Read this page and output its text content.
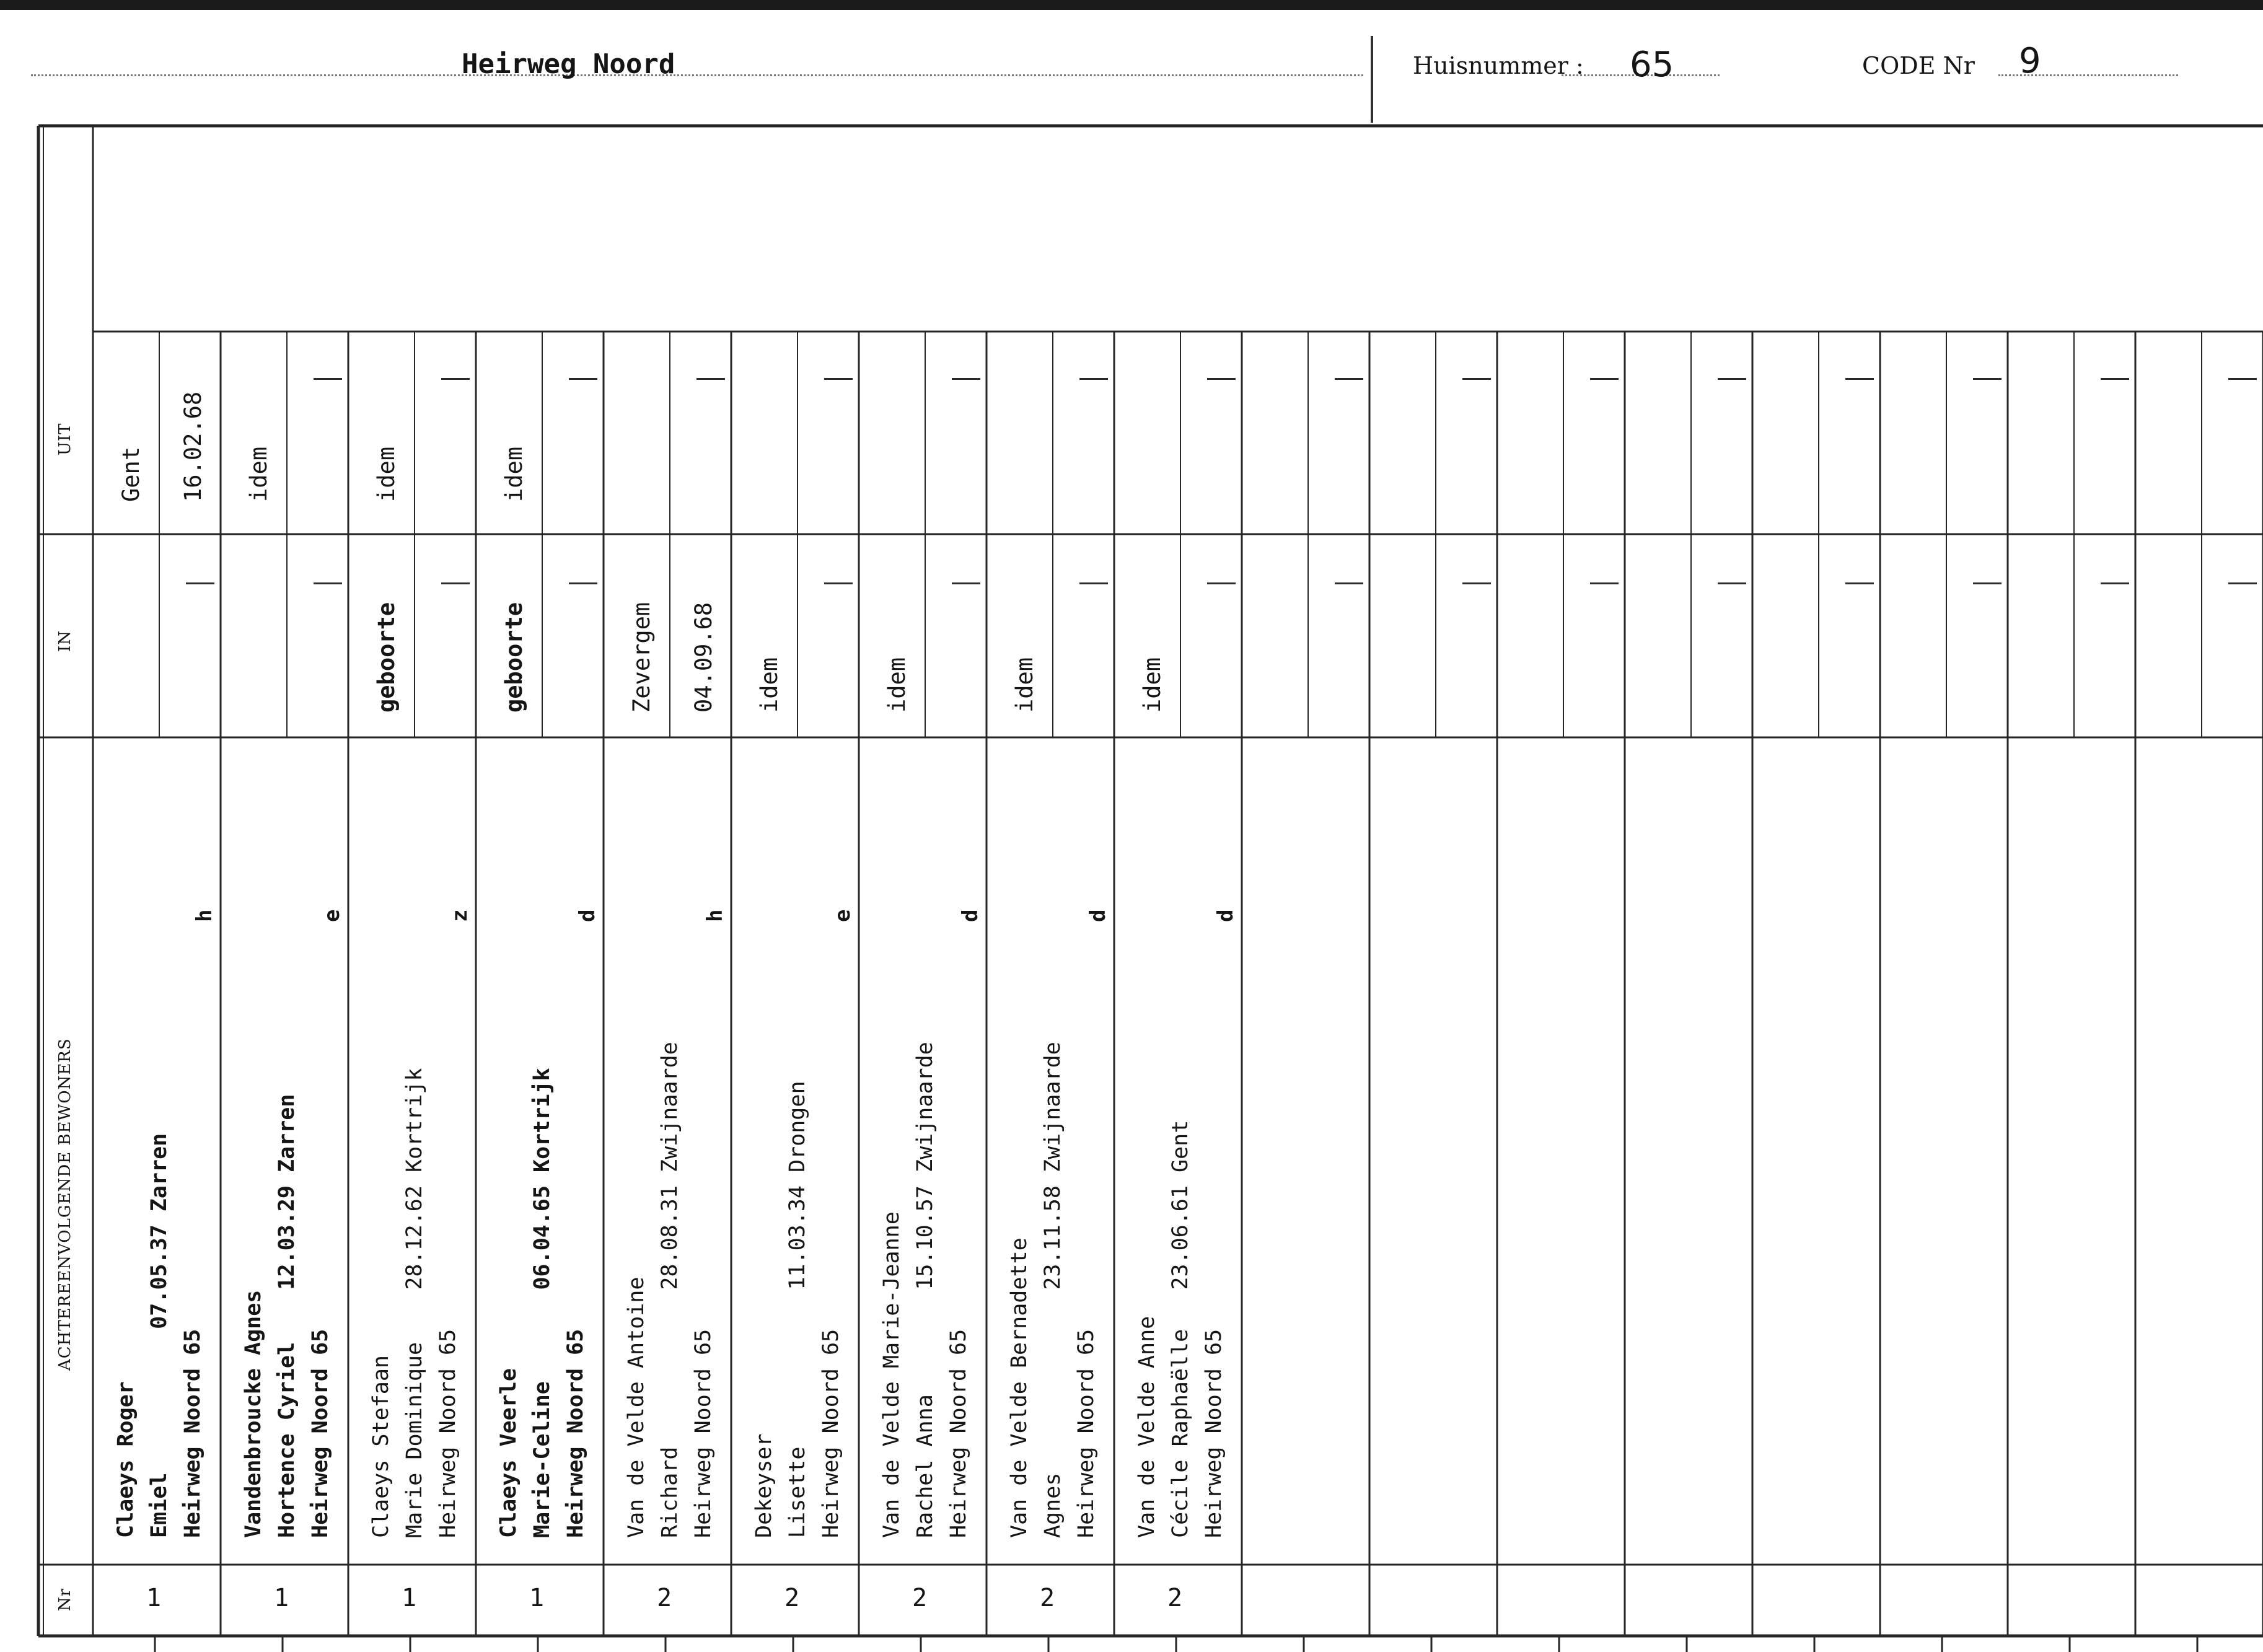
Heirweg Noord	Huisnummer : 65	CODE Nr 9
UIT
IN
ACHTEREENVOLGENDE BEWONERS
Nr
Claeys Roger Emiel           07.05.37 Zarren Heirweg Noord 65
h
1
Gent 16.02.68
Vandenbroucke Agnes Hortence Cyriel    12.03.29 Zarren Heirweg Noord 65
e
1
idem
Claeys Stefaan Marie Dominique    28.12.62 Kortrijk Heirweg Noord 65
z
1
geboorte
idem
Claeys Veerle Marie-Celine       06.04.65 Kortrijk Heirweg Noord 65
d
1
geboorte
idem
Van de Velde Antoine Richard            28.08.31 Zwijnaarde Heirweg Noord 65
h
2
Zevergem 04.09.68
Dekeyser Lisette            11.03.34 Drongen Heirweg Noord 65
e
2
idem
Van de Velde Marie-Jeanne Rachel Anna        15.10.57 Zwijnaarde Heirweg Noord 65
d
2
idem
Van de Velde Bernadette Agnes              23.11.58 Zwijnaarde Heirweg Noord 65
d
2
idem
Van de Velde Anne Cécile Raphaëlle   23.06.61 Gent Heirweg Noord 65
d
2
idem
